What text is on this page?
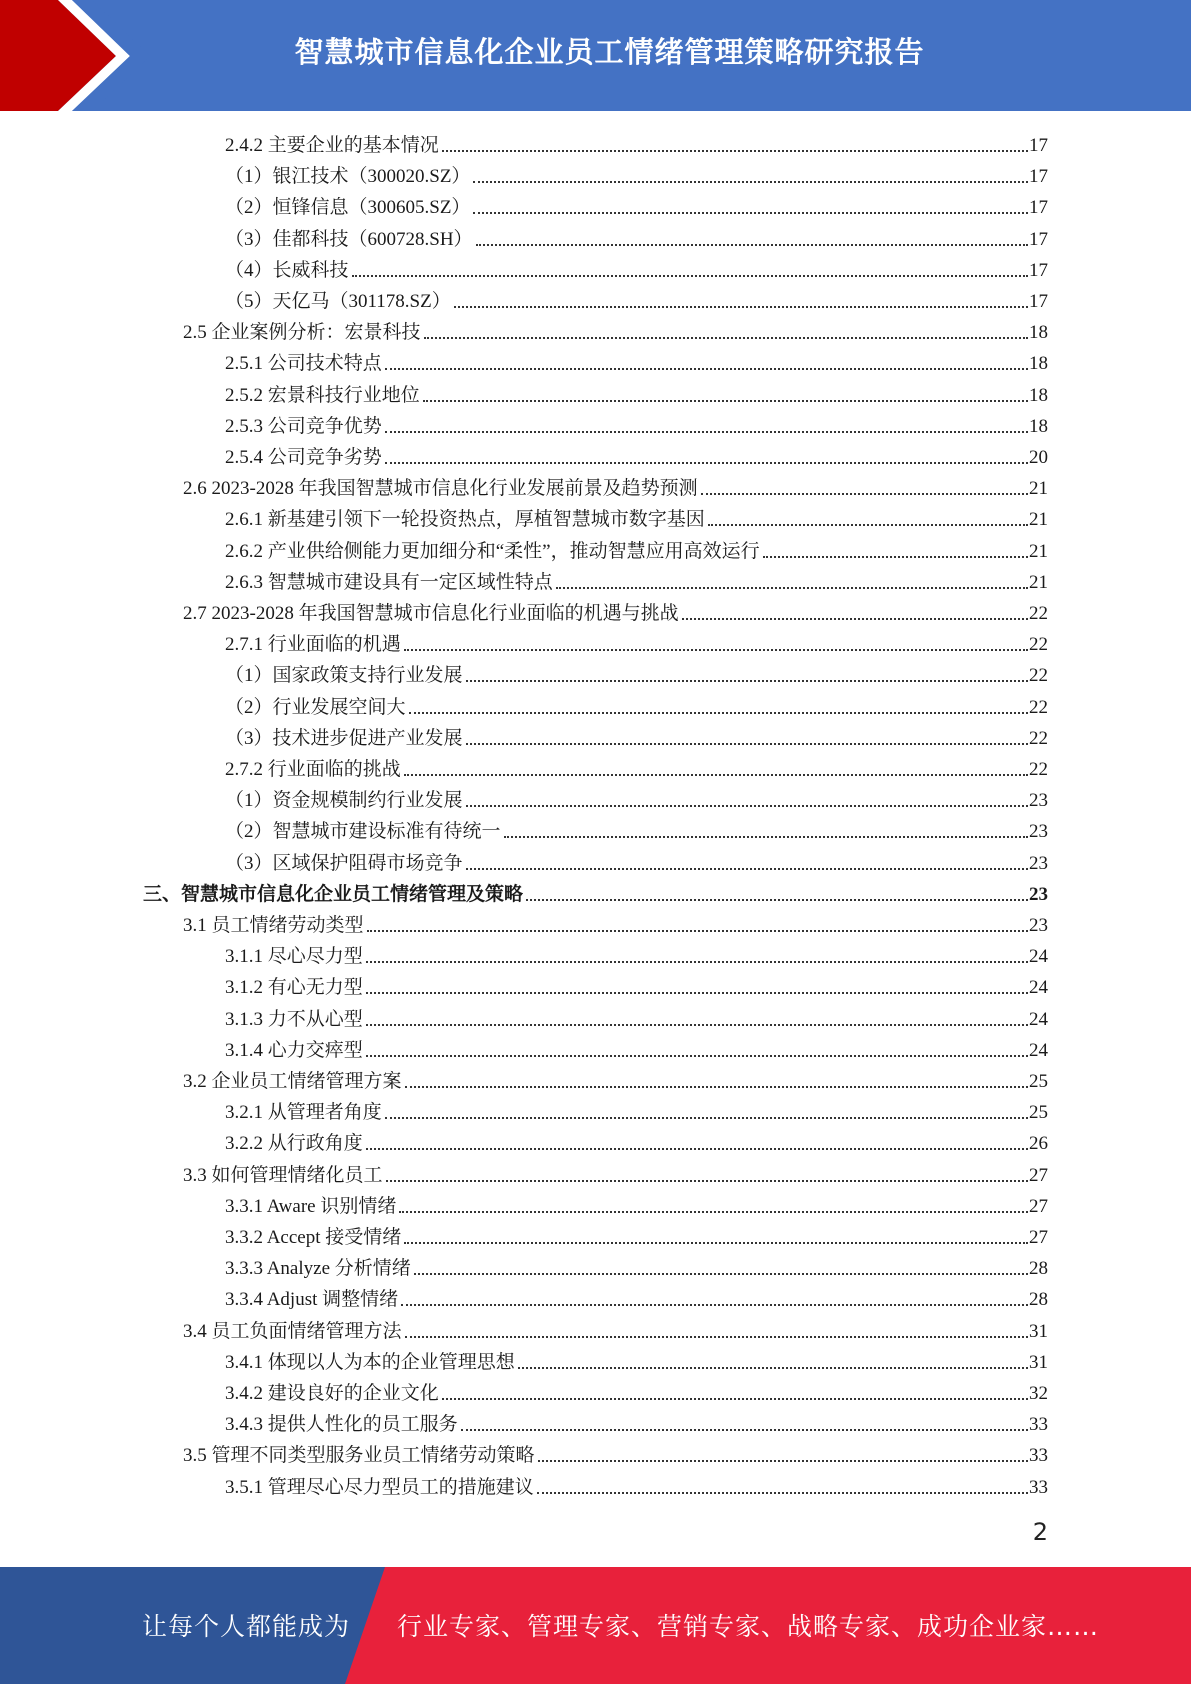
智慧城市信息化企业员工情绪管理策略研究报告
2.4.2 主要企业的基本情况	17
（1）银江技术（300020.SZ）	17
（2）恒锋信息（300605.SZ）	17
（3）佳都科技（600728.SH）	17
（4）长威科技	17
（5）天亿马（301178.SZ）	17
2.5 企业案例分析：宏景科技	18
2.5.1 公司技术特点	18
2.5.2 宏景科技行业地位	18
2.5.3 公司竞争优势	18
2.5.4 公司竞争劣势	20
2.6 2023-2028 年我国智慧城市信息化行业发展前景及趋势预测	21
2.6.1 新基建引领下一轮投资热点，厚植智慧城市数字基因	21
2.6.2 产业供给侧能力更加细分和“柔性”，推动智慧应用高效运行	21
2.6.3 智慧城市建设具有一定区域性特点	21
2.7 2023-2028 年我国智慧城市信息化行业面临的机遇与挑战	22
2.7.1 行业面临的机遇	22
（1）国家政策支持行业发展	22
（2）行业发展空间大	22
（3）技术进步促进产业发展	22
2.7.2 行业面临的挑战	22
（1）资金规模制约行业发展	23
（2）智慧城市建设标准有待统一	23
（3）区域保护阻碍市场竞争	23
三、智慧城市信息化企业员工情绪管理及策略	23
3.1 员工情绪劳动类型	23
3.1.1 尽心尽力型	24
3.1.2 有心无力型	24
3.1.3 力不从心型	24
3.1.4 心力交瘁型	24
3.2 企业员工情绪管理方案	25
3.2.1 从管理者角度	25
3.2.2 从行政角度	26
3.3 如何管理情绪化员工	27
3.3.1 Aware 识别情绪	27
3.3.2 Accept 接受情绪	27
3.3.3 Analyze 分析情绪	28
3.3.4 Adjust 调整情绪	28
3.4 员工负面情绪管理方法	31
3.4.1 体现以人为本的企业管理思想	31
3.4.2 建设良好的企业文化	32
3.4.3 提供人性化的员工服务	33
3.5 管理不同类型服务业员工情绪劳动策略	33
3.5.1 管理尽心尽力型员工的措施建议	33
2
让每个人都能成为 行业专家、管理专家、营销专家、战略专家、成功企业家……
